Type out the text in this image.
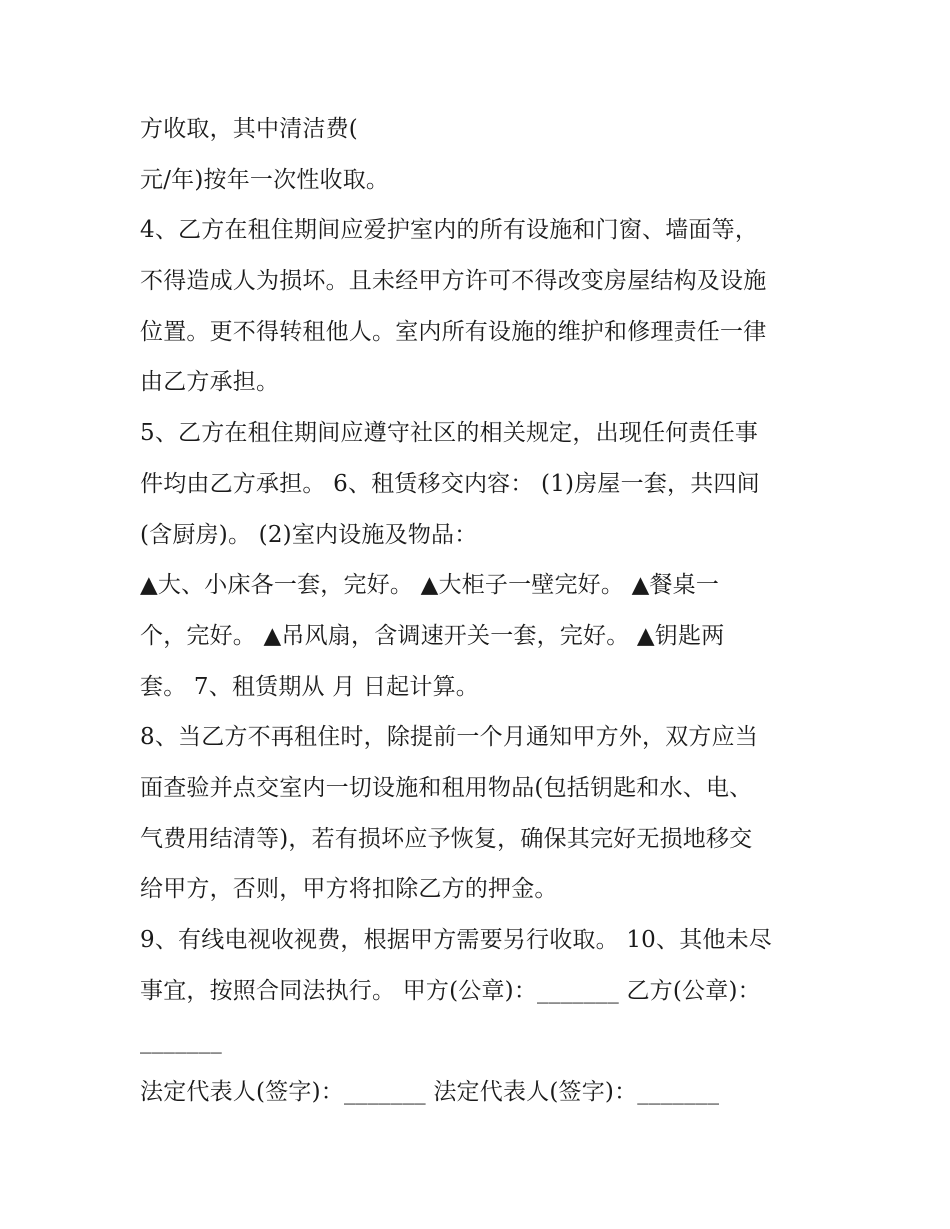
方收取，其中清洁费(
元/年)按年一次性收取。
4、乙方在租住期间应爱护室内的所有设施和门窗、墙面等，
不得造成人为损坏。且未经甲方许可不得改变房屋结构及设施
位置。更不得转租他人。室内所有设施的维护和修理责任一律
由乙方承担。
5、乙方在租住期间应遵守社区的相关规定，出现任何责任事
件均由乙方承担。 6、租赁移交内容： (1)房屋一套，共四间
(含厨房)。 (2)室内设施及物品：
▲大、小床各一套，完好。 ▲大柜子一壁完好。 ▲餐桌一
个，完好。 ▲吊风扇，含调速开关一套，完好。 ▲钥匙两
套。 7、租赁期从 月 日起计算。
8、当乙方不再租住时，除提前一个月通知甲方外，双方应当
面查验并点交室内一切设施和租用物品(包括钥匙和水、电、
气费用结清等)，若有损坏应予恢复，确保其完好无损地移交
给甲方，否则，甲方将扣除乙方的押金。
9、有线电视收视费，根据甲方需要另行收取。 10、其他未尽
事宜，按照合同法执行。 甲方(公章)：_______ 乙方(公章)：
_______
法定代表人(签字)：_______ 法定代表人(签字)：_______
